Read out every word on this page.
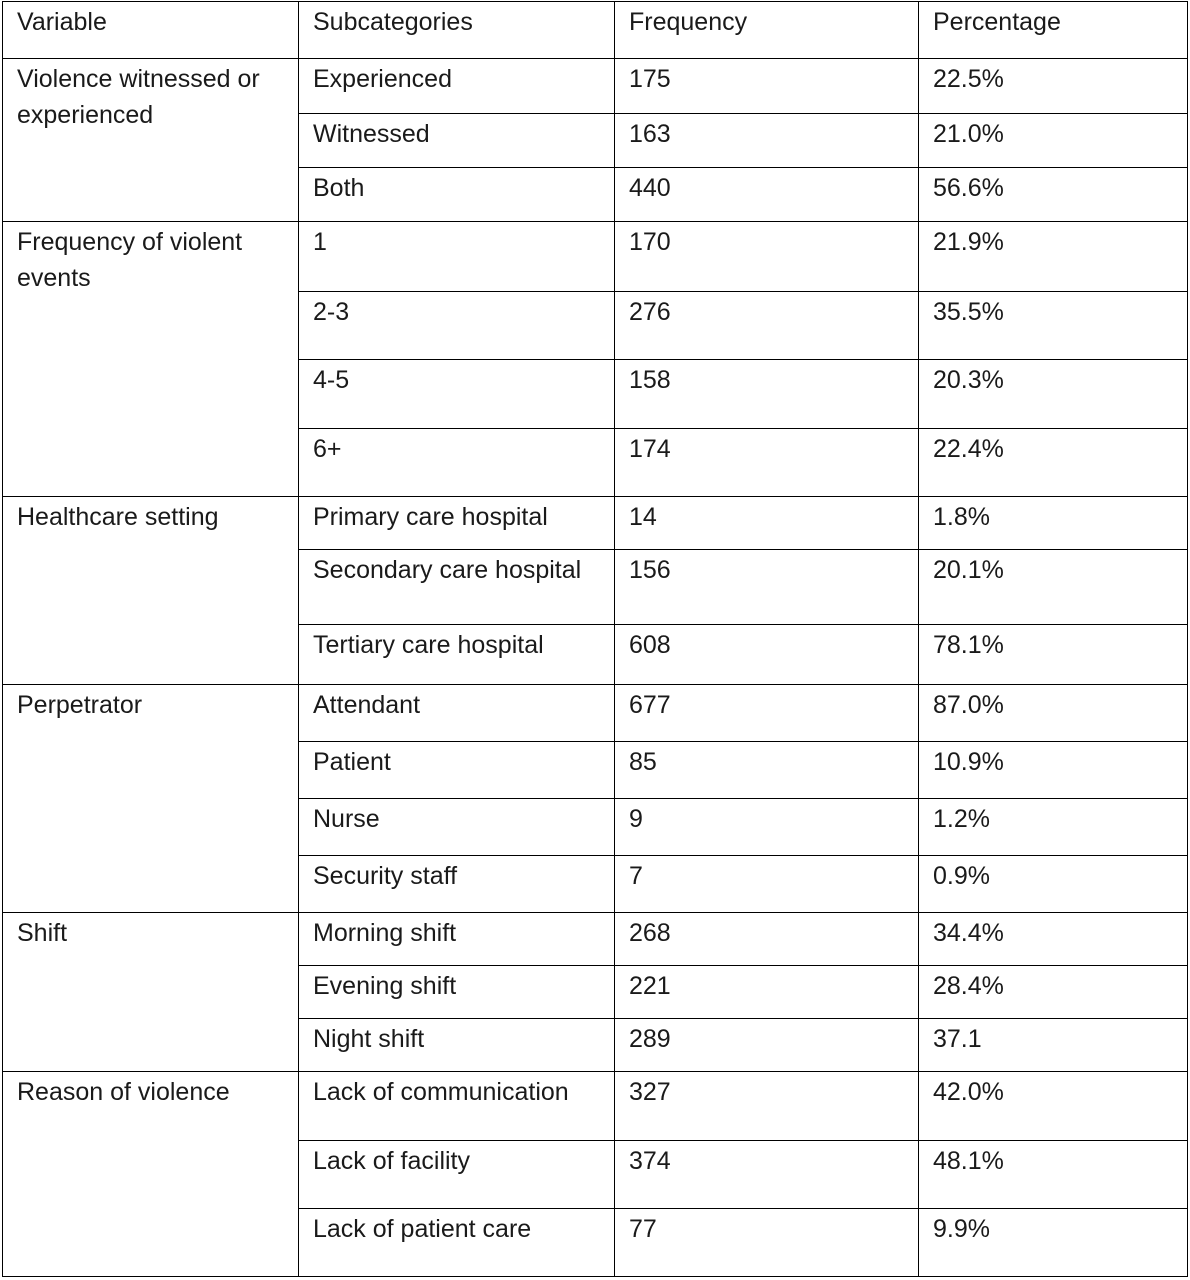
Variable	Subcategories	Frequency	Percentage
Violence witnessed or experienced	Experienced	175	22.5%
	Witnessed	163	21.0%
	Both	440	56.6%
Frequency of violent events	1	170	21.9%
	2-3	276	35.5%
	4-5	158	20.3%
	6+	174	22.4%
Healthcare setting	Primary care hospital	14	1.8%
	Secondary care hospital	156	20.1%
	Tertiary care hospital	608	78.1%
Perpetrator	Attendant	677	87.0%
	Patient	85	10.9%
	Nurse	9	1.2%
	Security staff	7	0.9%
Shift	Morning shift	268	34.4%
	Evening shift	221	28.4%
	Night shift	289	37.1
Reason of violence	Lack of communication	327	42.0%
	Lack of facility	374	48.1%
	Lack of patient care	77	9.9%
